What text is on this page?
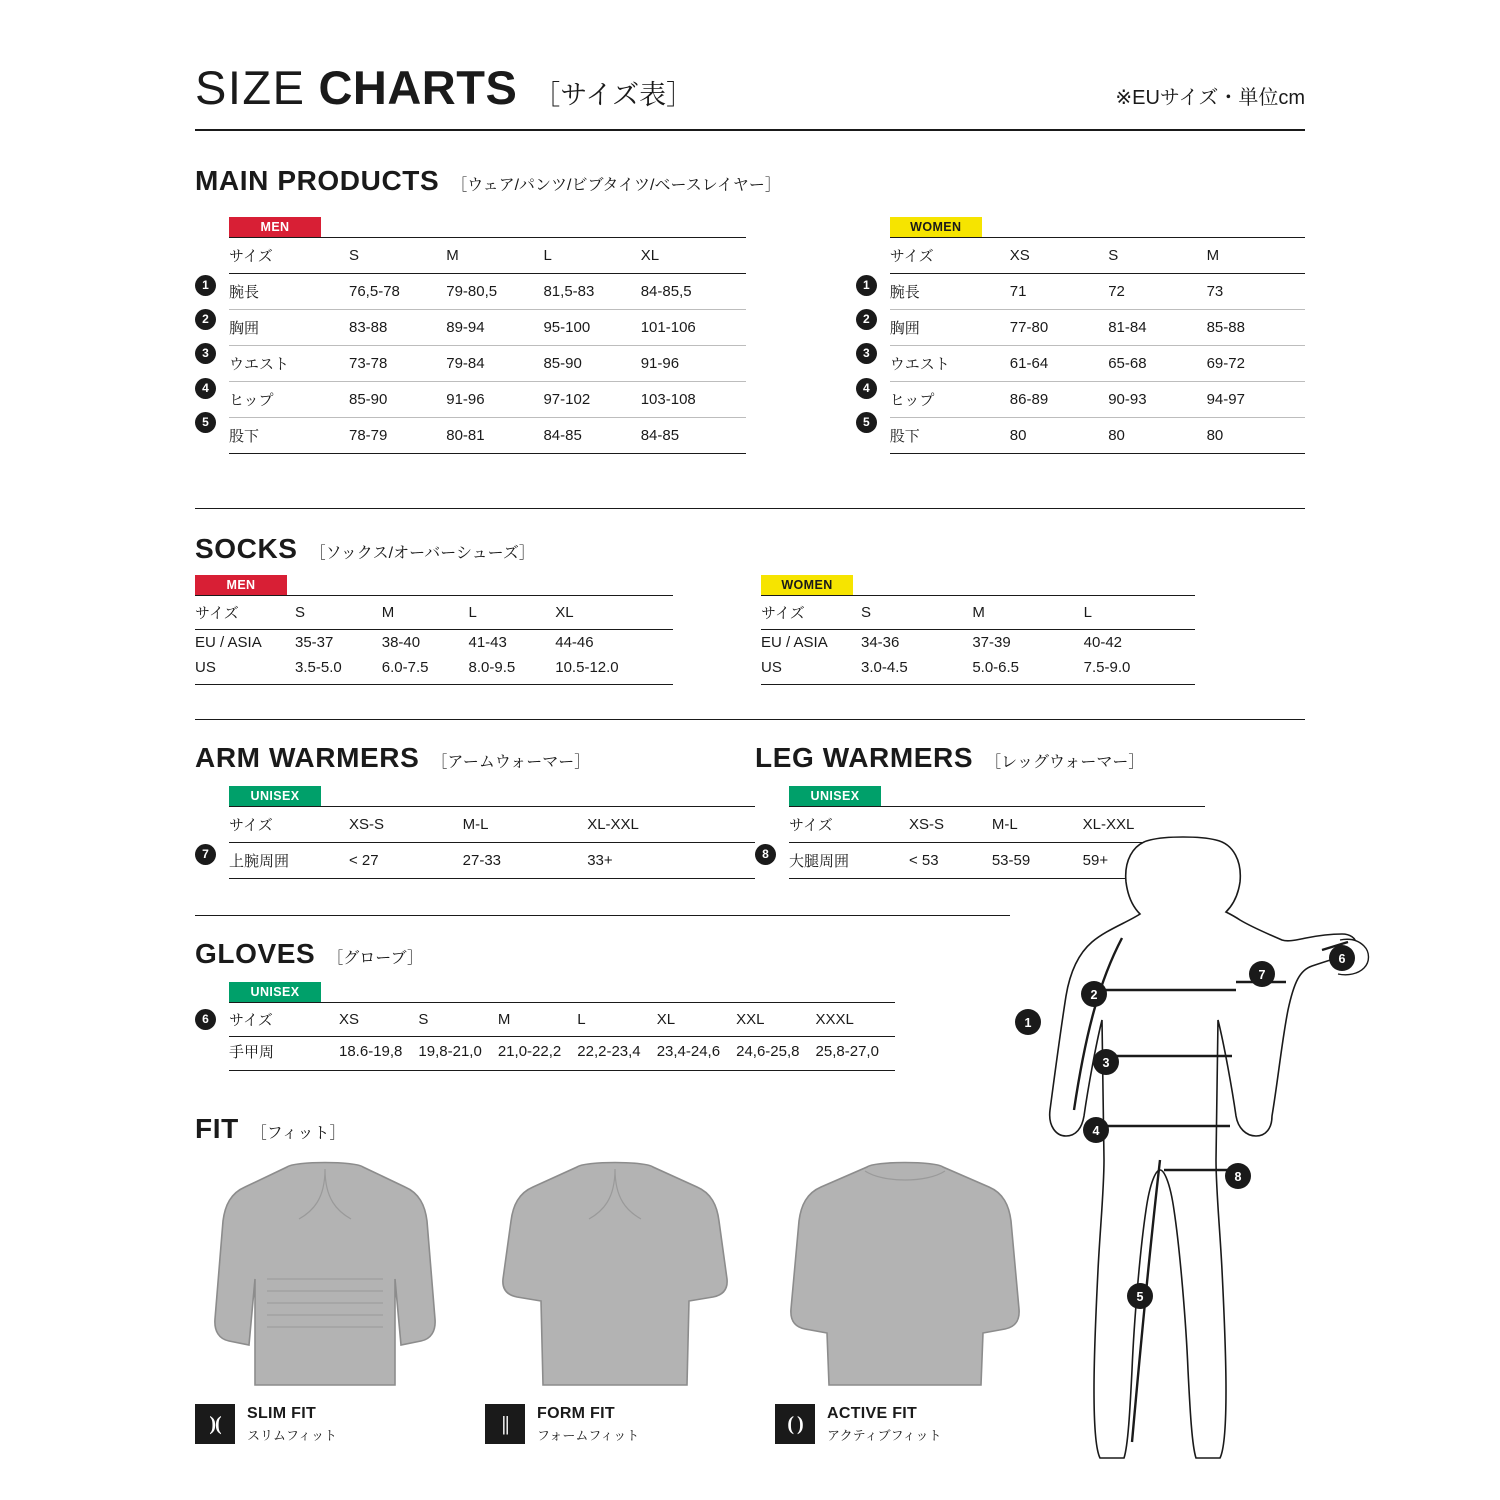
SIZE CHARTS ［サイズ表］	※EUサイズ・単位cm
MAIN PRODUCTS ［ウェア/パンツ/ビブタイツ/ベースレイヤー］
MEN
1
2
3
4
5
サイズ	S	M	L	XL
腕長	76,5-78	79-80,5	81,5-83	84-85,5
胸囲	83-88	89-94	95-100	101-106
ウエスト	73-78	79-84	85-90	91-96
ヒップ	85-90	91-96	97-102	103-108
股下	78-79	80-81	84-85	84-85
WOMEN
1
2
3
4
5
サイズ	XS	S	M
腕長	71	72	73
胸囲	77-80	81-84	85-88
ウエスト	61-64	65-68	69-72
ヒップ	86-89	90-93	94-97
股下	80	80	80
SOCKS ［ソックス/オーバーシューズ］
MEN
サイズ	S	M	L	XL
EU / ASIA	35-37	38-40	41-43	44-46
US	3.5-5.0	6.0-7.5	8.0-9.5	10.5-12.0
WOMEN
サイズ	S	M	L
EU / ASIA	34-36	37-39	40-42
US	3.0-4.5	5.0-6.5	7.5-9.0
ARM WARMERS ［アームウォーマー］
UNISEX
7
サイズ	XS-S	M-L	XL-XXL
上腕周囲	< 27	27-33	33+
LEG WARMERS ［レッグウォーマー］
UNISEX
8
サイズ	XS-S	M-L	XL-XXL
大腿周囲	< 53	53-59	59+
GLOVES ［グローブ］
UNISEX
6	サイズ	XS	S	M	L	XL	XXL	XXXL
手甲周	18.6-19,8	19,8-21,0	21,0-22,2	22,2-23,4	23,4-24,6	24,6-25,8	25,8-27,0
FIT ［フィット］
)(	SLIM FIT
スリムフィット
||	FORM FIT
フォームフィット
( )	ACTIVE FIT
アクティブフィット
1
2
3
4
5
6
7
8
